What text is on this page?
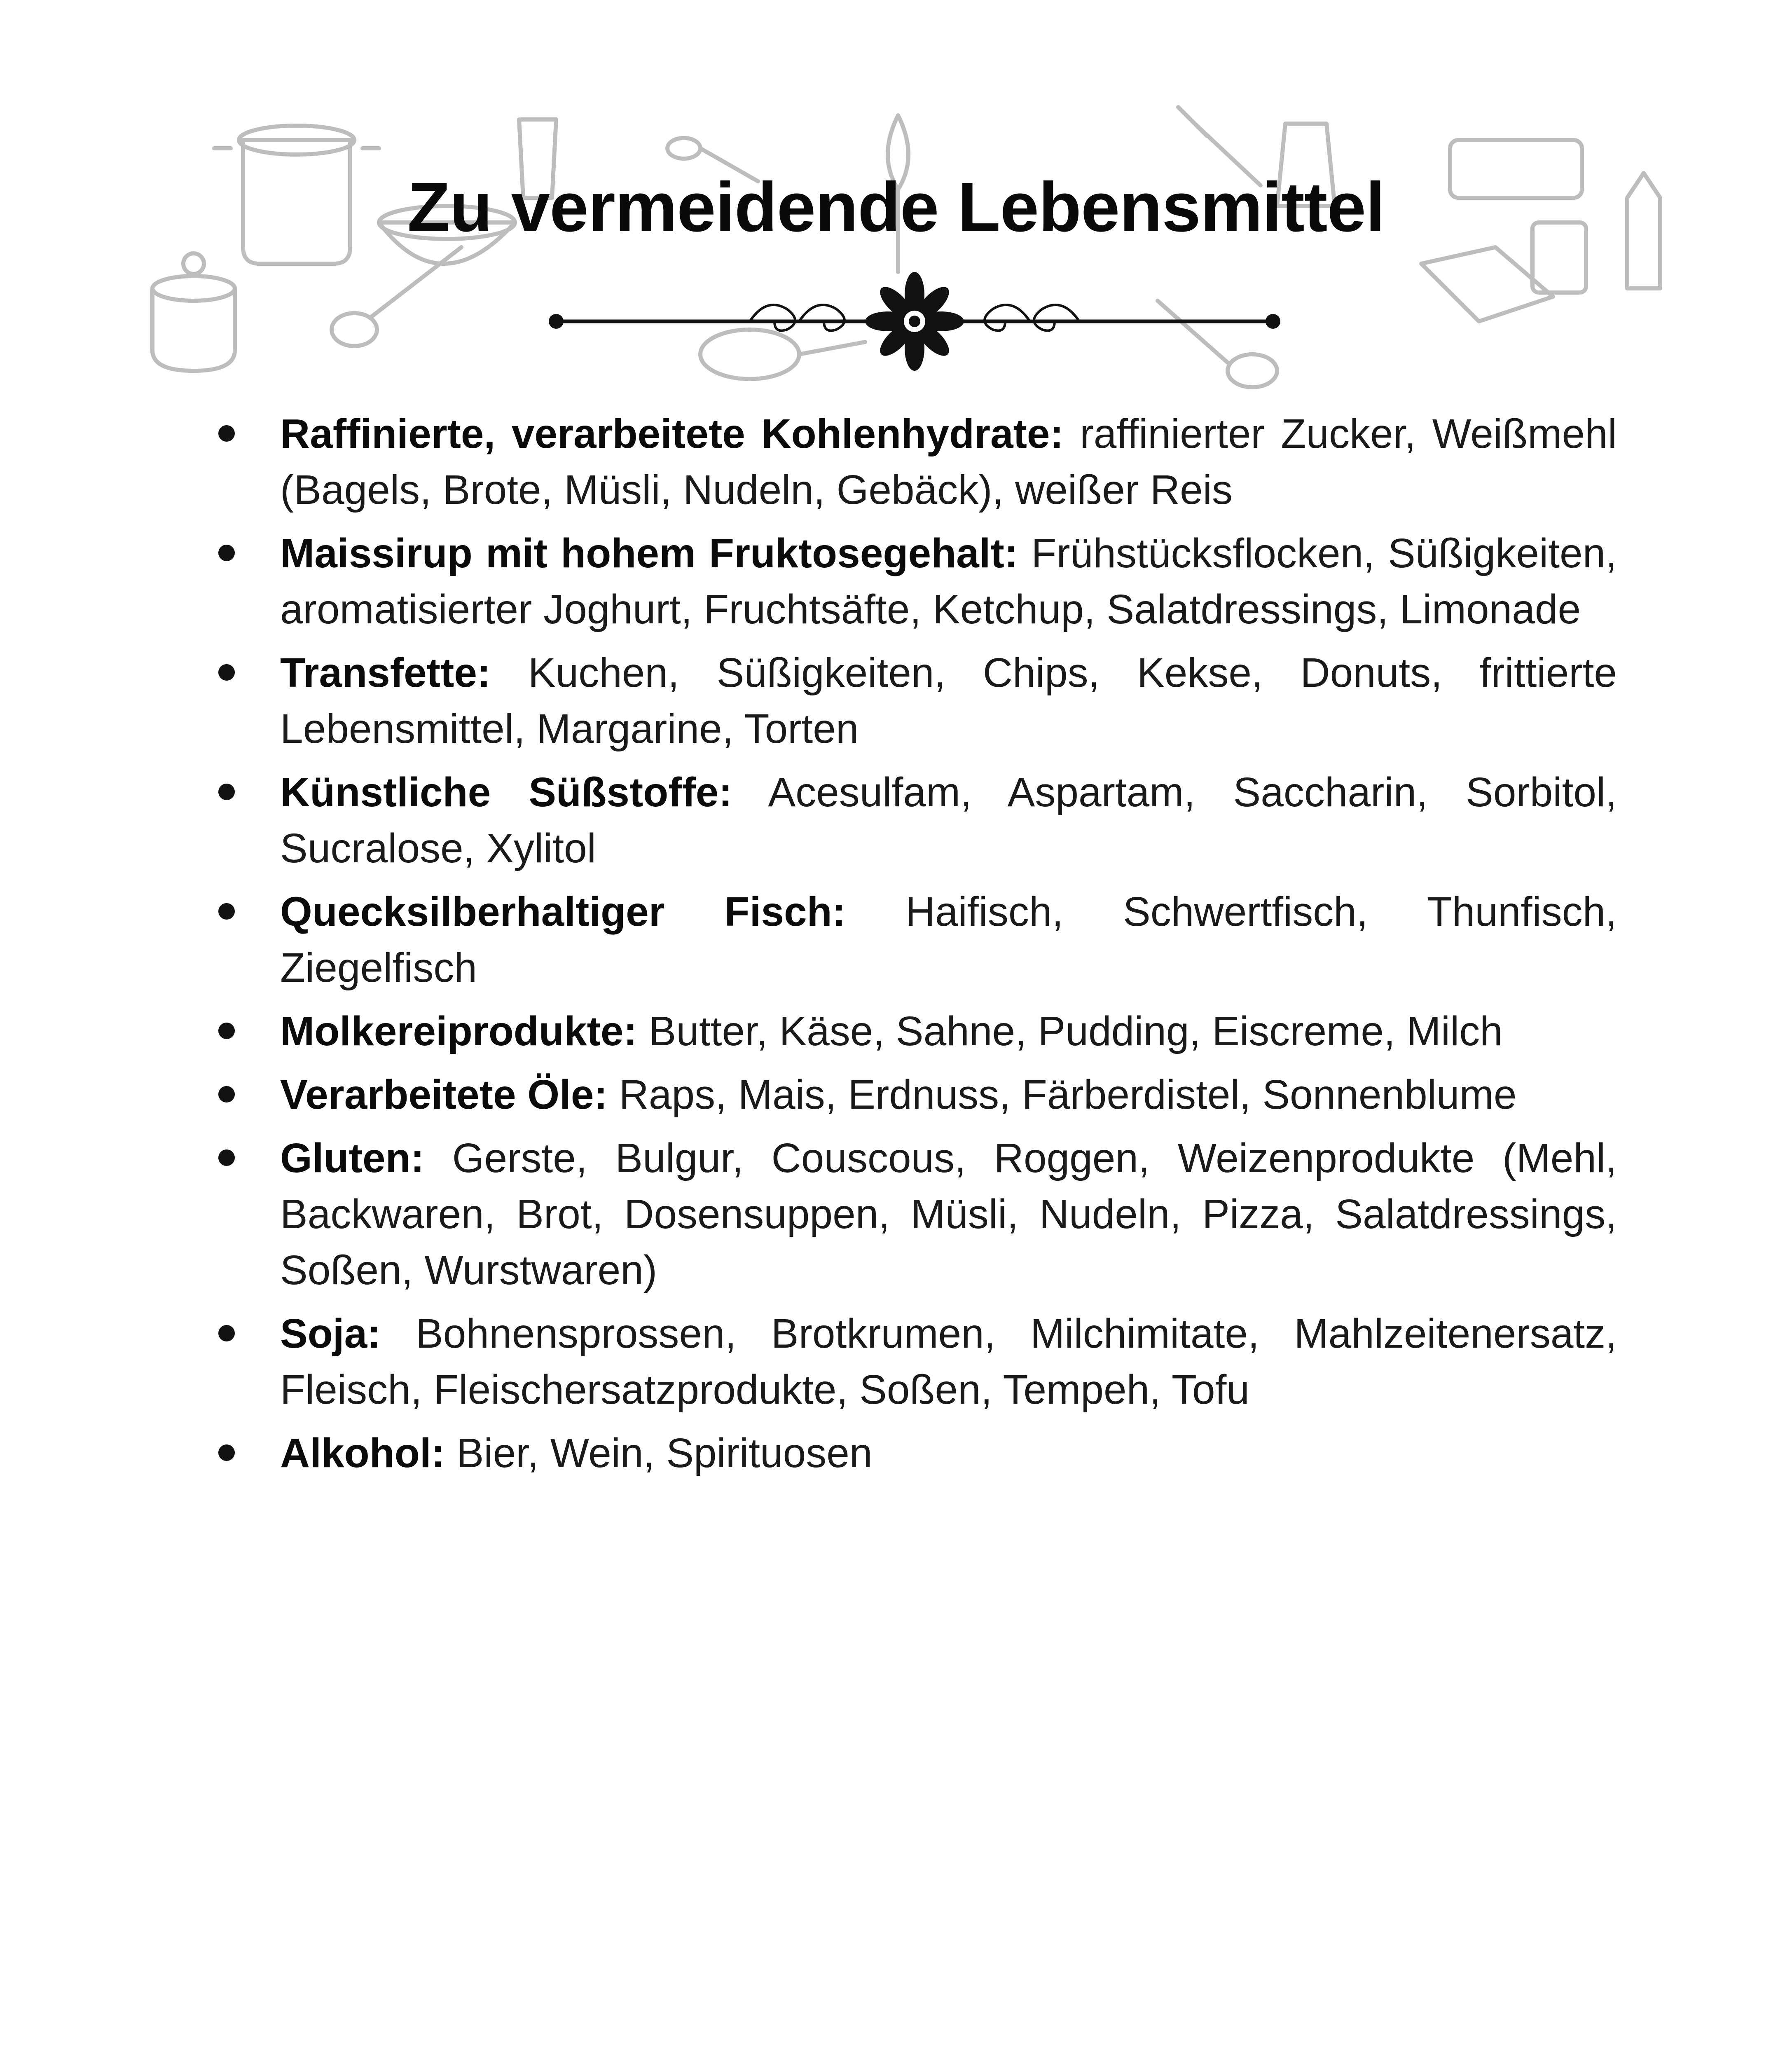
Zu vermeidende Lebensmittel
Raffinierte, verarbeitete Kohlenhydrate: raffinierter Zucker, Weißmehl (Bagels, Brote, Müsli, Nudeln, Gebäck), weißer Reis
Maissirup mit hohem Fruktosegehalt: Frühstücksflocken, Süßigkeiten, aromatisierter Joghurt, Fruchtsäfte, Ketchup, Salatdressings, Limonade
Transfette: Kuchen, Süßigkeiten, Chips, Kekse, Donuts, frittierte Lebensmittel, Margarine, Torten
Künstliche Süßstoffe: Acesulfam, Aspartam, Saccharin, Sorbitol, Sucralose, Xylitol
Quecksilberhaltiger Fisch: Haifisch, Schwertfisch, Thunfisch, Ziegelfisch
Molkereiprodukte: Butter, Käse, Sahne, Pudding, Eiscreme, Milch
Verarbeitete Öle: Raps, Mais, Erdnuss, Färberdistel, Sonnenblume
Gluten: Gerste, Bulgur, Couscous, Roggen, Weizenprodukte (Mehl, Backwaren, Brot, Dosensuppen, Müsli, Nudeln, Pizza, Salatdressings, Soßen, Wurstwaren)
Soja: Bohnensprossen, Brotkrumen, Milchimitate, Mahlzeitenersatz, Fleisch, Fleischersatzprodukte, Soßen, Tempeh, Tofu
Alkohol: Bier, Wein, Spirituosen
